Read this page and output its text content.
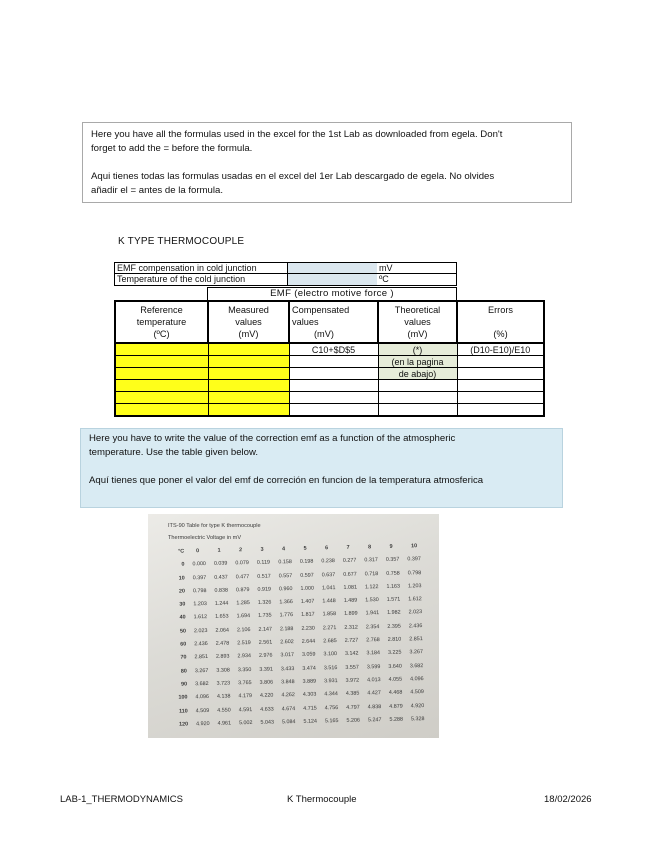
Here you have all the formulas used in the excel for the 1st Lab as downloaded from egela. Don't

forget to add the = before the formula.

Aqui tienes todas las formulas usadas en el excel del 1er Lab descargado de egela. No olvides

añadir el = antes de la formula.

K TYPE THERMOCOUPLE
EMF compensation in cold junction	mV
Temperature of the cold junction	ºC
EMF (electro motive force )
Reference
temperature
(ºC)	Measured
values
(mV)	Compensated
values
(mV)	Theoretical
values
(mV)	Errors

(%)
		C10+$D$5	(*)	(D10-E10)/E10
			(en la pagina	
			de abajo)	

Here you have to write the value of the correction emf as a function of the atmospheric

temperature. Use the table given below.

Aquí tienes que poner el valor del emf de correción en funcion de la temperatura atmosferica

ITS-90 Table for type K thermocouple
Thermoelectric Voltage in mV
°C	0	1	2	3	4	5	6	7	8	9	10
0	0.000	0.039	0.079	0.119	0.158	0.198	0.238	0.277	0.317	0.357	0.397
10	0.397	0.437	0.477	0.517	0.557	0.597	0.637	0.677	0.718	0.758	0.798
20	0.798	0.838	0.879	0.919	0.960	1.000	1.041	1.081	1.122	1.163	1.203
30	1.203	1.244	1.285	1.326	1.366	1.407	1.448	1.489	1.530	1.571	1.612
40	1.612	1.653	1.694	1.735	1.776	1.817	1.858	1.899	1.941	1.982	2.023
50	2.023	2.064	2.106	2.147	2.188	2.230	2.271	2.312	2.354	2.395	2.436
60	2.436	2.478	2.519	2.561	2.602	2.644	2.685	2.727	2.768	2.810	2.851
70	2.851	2.893	2.934	2.976	3.017	3.059	3.100	3.142	3.184	3.225	3.267
80	3.267	3.308	3.350	3.391	3.433	3.474	3.516	3.557	3.599	3.640	3.682
90	3.682	3.723	3.765	3.806	3.848	3.889	3.931	3.972	4.013	4.055	4.096
100	4.096	4.138	4.179	4.220	4.262	4.303	4.344	4.385	4.427	4.468	4.509
110	4.509	4.550	4.591	4.633	4.674	4.715	4.756	4.797	4.838	4.879	4.920
120	4.920	4.961	5.002	5.043	5.084	5.124	5.165	5.206	5.247	5.288	5.328
LAB-1_THERMODYNAMICS	K Thermocouple	18/02/2026
